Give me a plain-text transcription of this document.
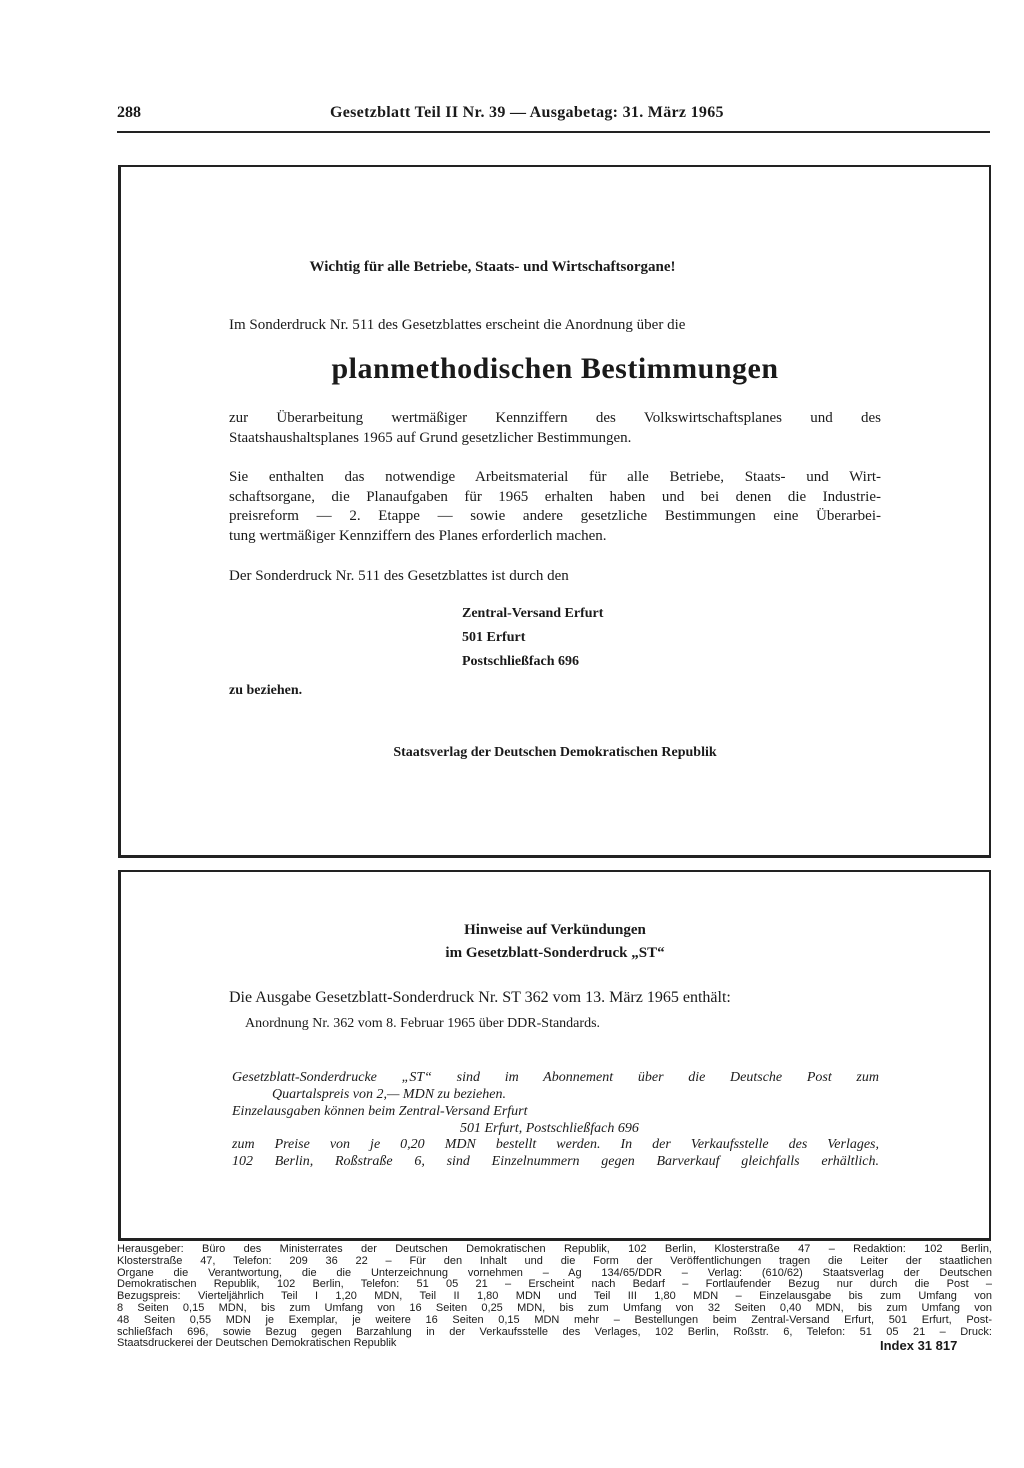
288	Gesetzblatt Teil II Nr. 39 — Ausgabetag: 31. März 1965
Wichtig für alle Betriebe, Staats- und Wirtschaftsorgane!
Im Sonderdruck Nr. 511 des Gesetzblattes erscheint die Anordnung über die
planmethodischen Bestimmungen
zur Überarbeitung wertmäßiger Kennziffern des Volkswirtschaftsplanes und des
Staatshaushaltsplanes 1965 auf Grund gesetzlicher Bestimmungen.
Sie enthalten das notwendige Arbeitsmaterial für alle Betriebe, Staats- und Wirt-
schaftsorgane, die Planaufgaben für 1965 erhalten haben und bei denen die Industrie-
preisreform — 2. Etappe — sowie andere gesetzliche Bestimmungen eine Überarbei-
tung wertmäßiger Kennziffern des Planes erforderlich machen.
Der Sonderdruck Nr. 511 des Gesetzblattes ist durch den
Zentral-Versand Erfurt
501 Erfurt
Postschließfach 696
zu beziehen.
Staatsverlag der Deutschen Demokratischen Republik
Hinweise auf Verkündungen
im Gesetzblatt-Sonderdruck „ST“
Die Ausgabe Gesetzblatt-Sonderdruck Nr. ST 362 vom 13. März 1965 enthält:
Anordnung Nr. 362 vom 8. Februar 1965 über DDR-Standards.
Gesetzblatt-Sonderdrucke „ST“ sind im Abonnement über die Deutsche Post zum
Quartalspreis von 2,— MDN zu beziehen.
Einzelausgaben können beim Zentral-Versand Erfurt
501 Erfurt, Postschließfach 696
zum Preise von je 0,20 MDN bestellt werden. In der Verkaufsstelle des Verlages,
102 Berlin, Roßstraße 6, sind Einzelnummern gegen Barverkauf gleichfalls erhältlich.
Herausgeber: Büro des Ministerrates der Deutschen Demokratischen Republik, 102 Berlin, Klosterstraße 47 – Redaktion: 102 Berlin,
Klosterstraße 47, Telefon: 209 36 22 – Für den Inhalt und die Form der Veröffentlichungen tragen die Leiter der staatlichen
Organe die Verantwortung, die die Unterzeichnung vornehmen – Ag 134/65/DDR – Verlag: (610/62) Staatsverlag der Deutschen
Demokratischen Republik, 102 Berlin, Telefon: 51 05 21 – Erscheint nach Bedarf – Fortlaufender Bezug nur durch die Post –
Bezugspreis: Vierteljährlich Teil I 1,20 MDN, Teil II 1,80 MDN und Teil III 1,80 MDN – Einzelausgabe bis zum Umfang von
8 Seiten 0,15 MDN, bis zum Umfang von 16 Seiten 0,25 MDN, bis zum Umfang von 32 Seiten 0,40 MDN, bis zum Umfang von
48 Seiten 0,55 MDN je Exemplar, je weitere 16 Seiten 0,15 MDN mehr – Bestellungen beim Zentral-Versand Erfurt, 501 Erfurt, Post-
schließfach 696, sowie Bezug gegen Barzahlung in der Verkaufsstelle des Verlages, 102 Berlin, Roßstr. 6, Telefon: 51 05 21 – Druck:
Staatsdruckerei der Deutschen Demokratischen Republik	Index 31 817
